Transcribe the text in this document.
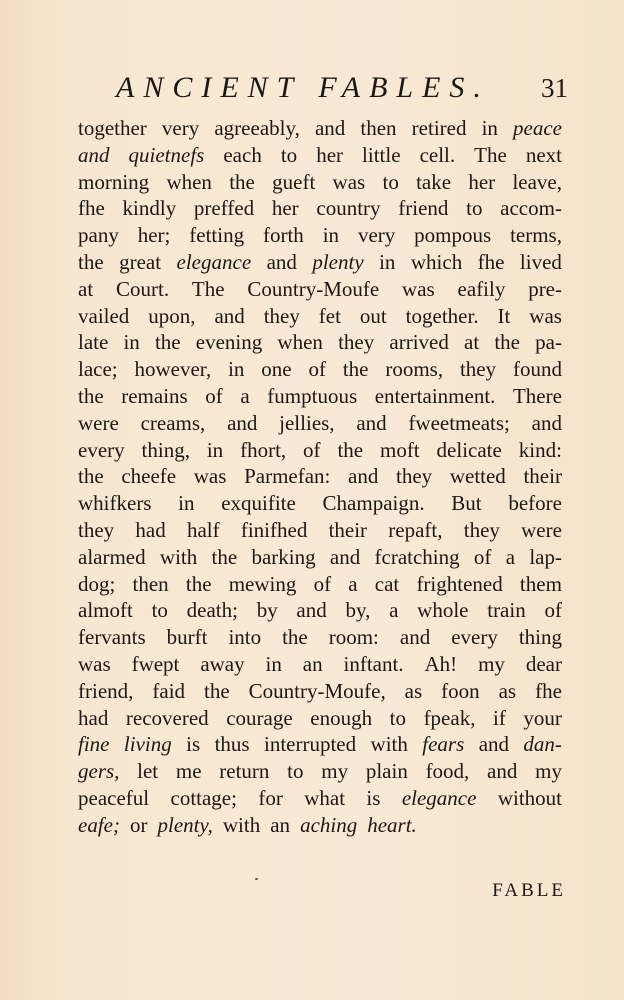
ANCIENT FABLES. 31
together very agreeably, and then retired in peace
and quietnefs each to her little cell. The next
morning when the gueft was to take her leave,
fhe kindly preffed her country friend to accom-
pany her; fetting forth in very pompous terms,
the great elegance and plenty in which fhe lived
at Court. The Country-Moufe was eafily pre-
vailed upon, and they fet out together. It was
late in the evening when they arrived at the pa-
lace; however, in one of the rooms, they found
the remains of a fumptuous entertainment. There
were creams, and jellies, and fweetmeats; and
every thing, in fhort, of the moft delicate kind:
the cheefe was Parmefan: and they wetted their
whifkers in exquifite Champaign. But before
they had half finifhed their repaft, they were
alarmed with the barking and fcratching of a lap-
dog; then the mewing of a cat frightened them
almoft to death; by and by, a whole train of
fervants burft into the room: and every thing
was fwept away in an inftant. Ah! my dear
friend, faid the Country-Moufe, as foon as fhe
had recovered courage enough to fpeak, if your
fine living is thus interrupted with fears and dan-
gers, let me return to my plain food, and my
peaceful cottage; for what is elegance without
eafe; or plenty, with an aching heart.
FABLE
